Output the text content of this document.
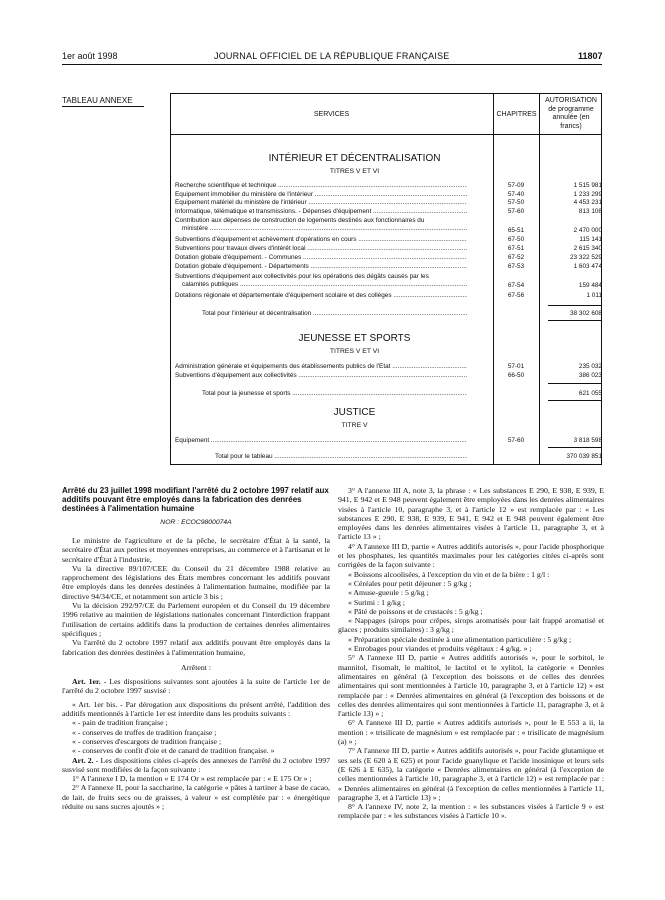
1er août 1998	JOURNAL OFFICIEL DE LA RÉPUBLIQUE FRANÇAISE	11807
TABLEAU ANNEXE
SERVICES	CHAPITRES
AUTORISATION de programme annulée (en francs)
INTÉRIEUR ET DÉCENTRALISATION
TITRES V ET VI
Recherche scientifique et technique .....	57-09	1 515 981
Équipement immobilier du ministère de l'intérieur .....	57-40	1 233 299
Équipement matériel du ministère de l'intérieur .....	57-50	4 453 231
Informatique, télématique et transmissions. - Dépenses d'équipement .....	57-60	813 108
Contribution aux dépenses de construction de logements destinés aux fonctionnaires du
ministère .....	65-51	2 470 000
Subventions d'équipement et achèvement d'opérations en cours .....	67-50	115 141
Subventions pour travaux divers d'intérêt local .....	67-51	2 615 340
Dotation globale d'équipement. - Communes .....	67-52	23 322 529
Dotation globale d'équipement. - Départements .....	67-53	1 603 474
Subventions d'équipement aux collectivités pour les opérations des dégâts causés par les
calamités publiques .....	67-54	159 484
Dotations régionale et départementale d'équipement scolaire et des collèges .....	67-56	1 011
Total pour l'intérieur et décentralisation .....	38 302 608
JEUNESSE ET SPORTS
TITRES V ET VI
Administration générale et équipements des établissements publics de l'État .....	57-01	235 032
Subventions d'équipement aux collectivités .....	66-50	386 023
Total pour la jeunesse et sports .....	621 055
JUSTICE
TITRE V
Équipement .....	57-60	3 818 598
Total pour le tableau .....	370 039 851
Arrêté du 23 juillet 1998 modifiant l'arrêté du 2 octobre 1997 relatif aux additifs pouvant être employés dans la fabrication des denrées destinées à l'alimentation humaine
NOR : ECOC9800074A

Le ministre de l'agriculture et de la pêche, le secrétaire d'État à la santé, la secrétaire d'État aux petites et moyennes entreprises, au commerce et à l'artisanat et le secrétaire d'État à l'industrie,

Vu la directive 89/107/CEE du Conseil du 21 décembre 1988 relative au rapprochement des législations des États membres concernant les additifs pouvant être employés dans les denrées destinées à l'alimentation humaine, modifiée par la directive 94/34/CE, et notamment son article 3 bis ;

Vu la décision 292/97/CE du Parlement européen et du Conseil du 19 décembre 1996 relative au maintien de législations nationales concernant l'interdiction frappant l'utilisation de certains additifs dans la production de certaines denrées alimentaires spécifiques ;

Vu l'arrêté du 2 octobre 1997 relatif aux additifs pouvant être employés dans la fabrication des denrées destinées à l'alimentation humaine,

Arrêtent :

Art. 1er. - Les dispositions suivantes sont ajoutées à la suite de l'article 1er de l'arrêté du 2 octobre 1997 susvisé :

« Art. 1er bis. - Par dérogation aux dispositions du présent arrêté, l'addition des additifs mentionnés à l'article 1er est interdite dans les produits suivants :

« - pain de tradition française ;

« - conserves de truffes de tradition française ;

« - conserves d'escargots de tradition française ;

« - conserves de confit d'oie et de canard de tradition française. »

Art. 2. - Les dispositions citées ci-après des annexes de l'arrêté du 2 octobre 1997 susvisé sont modifiées de la façon suivante :

1° A l'annexe I D, la mention « E 174 Or » est remplacée par : « E 175 Or » ;

2° A l'annexe II, pour la saccharine, la catégorie « pâtes à tartiner à base de cacao, de lait, de fruits secs ou de graisses, à valeur » est complétée par : « énergétique réduite ou sans sucres ajoutés » ;

3° A l'annexe III A, note 3, la phrase : « Les substances E 290, E 938, E 939, E 941, E 942 et E 948 peuvent également être employées dans les denrées alimentaires visées à l'article 10, paragraphe 3, et à l'article 12 » est remplacée par : « Les substances E 290, E 938, E 939, E 941, E 942 et E 948 peuvent également être employées dans les denrées alimentaires visées à l'article 11, paragraphe 3, et à l'article 13 » ;

4° A l'annexe III D, partie « Autres additifs autorisés », pour l'acide phosphorique et les phosphates, les quantités maximales pour les catégories citées ci-après sont corrigées de la façon suivante :

« Boissons alcoolisées, à l'exception du vin et de la bière : 1 g/l :

« Céréales pour petit déjeuner : 5 g/kg ;

« Amuse-gueule : 5 g/kg ;

« Surimi : 1 g/kg ;

« Pâté de poissons et de crustacés : 5 g/kg ;

« Nappages (sirops pour crêpes, sirops aromatisés pour lait frappé aromatisé et glaces ; produits similaires) : 3 g/kg ;

« Préparation spéciale destinée à une alimentation particulière : 5 g/kg ;

« Enrobages pour viandes et produits végétaux : 4 g/kg. » ;

5° A l'annexe III D, partie « Autres additifs autorisés », pour le sorbitol, le mannitol, l'isomalt, le maltitol, le lactitol et le xylitol, la catégorie « Denrées alimentaires en général (à l'exception des boissons et de celles des denrées alimentaires qui sont mentionnées à l'article 10, paragraphe 3, et à l'article 12) » est remplacée par : « Denrées alimentaires en général (à l'exception des boissons et de celles des denrées alimentaires qui sont mentionnées à l'article 11, paragraphe 3, et à l'article 13) » ;

6° A l'annexe III D, partie « Autres additifs autorisés », pour le E 553 a ii, la mention : « trisilicate de magnésium » est remplacée par : « trisilicate de magnésium (a) » ;

7° A l'annexe III D, partie « Autres additifs autorisés », pour l'acide glutamique et ses sels (E 620 à E 625) et pour l'acide guanylique et l'acide inosinique et leurs sels (E 626 à E 635), la catégorie « Denrées alimentaires en général (à l'exception de celles mentionnées à l'article 10, paragraphe 3, et à l'article 12) » est remplacée par : « Denrées alimentaires en général (à l'exception de celles mentionnées à l'article 11, paragraphe 3, et à l'article 13) » ;

8° A l'annexe IV, note 2, la mention : « les substances visées à l'article 9 » est remplacée par : « les substances visées à l'article 10 ».
